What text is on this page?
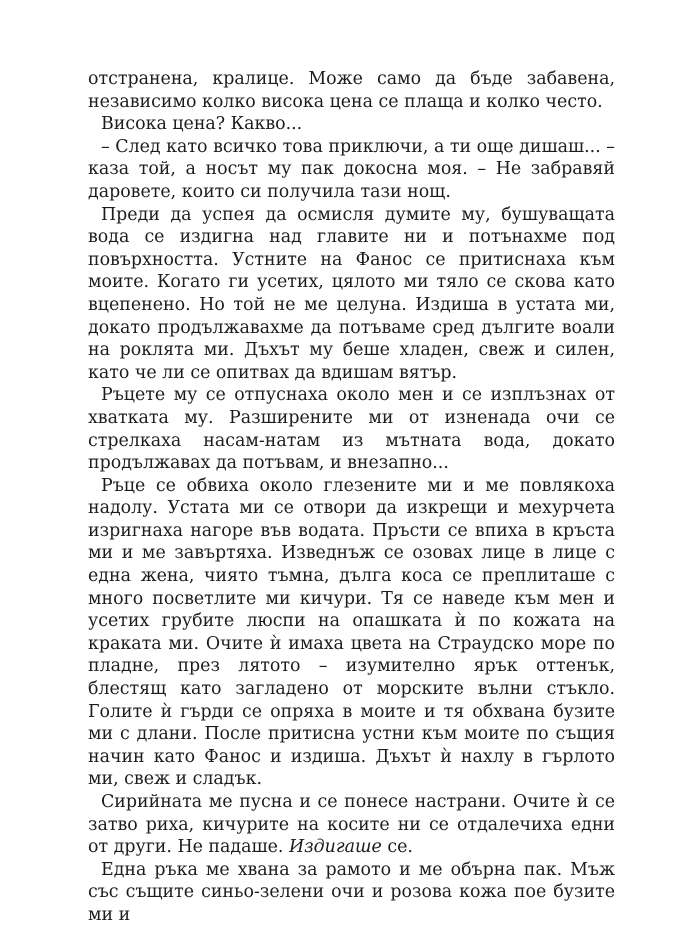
отстранена, кралице. Може само да бъде забавена, независимо колко висока цена се плаща и колко често.

Висока цена? Какво...

– След като всичко това приключи, а ти още дишаш... – каза той, а носът му пак докосна моя. – Не забравяй даровете, които си получила тази нощ.

Преди да успея да осмисля думите му, бушуващата вода се издигна над главите ни и потънахме под повърхността. Устните на Фанос се притиснаха към моите. Когато ги усетих, цялото ми тяло се скова като вцепенено. Но той не ме целуна. Издиша в устата ми, докато продължавахме да потъваме сред дългите воали на роклята ми. Дъхът му беше хладен, свеж и силен, като че ли се опитвах да вдишам вятър.

Ръцете му се отпуснаха около мен и се изплъзнах от хватката му. Разширените ми от изненада очи се стрелкаха насам-натам из мътната вода, докато продължавах да потъвам, и внезапно...

Ръце се обвиха около глезените ми и ме повлякоха надолу. Устата ми се отвори да изкрещи и мехурчета изригнаха нагоре във водата. Пръсти се впиха в кръста ми и ме завъртяха. Изведнъж се озовах лице в лице с една жена, чиято тъмна, дълга коса се преплиташе с много посветлите ми кичури. Тя се наведе към мен и усетих грубите люспи на опашката ѝ по кожата на краката ми. Очите ѝ имаха цвета на Страудско море по пладне, през лятото – изумително ярък оттенък, блестящ като загладено от морските вълни стъкло. Голите ѝ гърди се опряха в моите и тя обхвана бузите ми с длани. После притисна устни към моите по същия начин като Фанос и издиша. Дъхът ѝ нахлу в гърлото ми, свеж и сладък.

Сирийната ме пусна и се понесе настрани. Очите ѝ се затво риха, кичурите на косите ни се отдалечиха едни от други. Не падаше. Издигаше се.

Една ръка ме хвана за рамото и ме обърна пак. Мъж със същите синьо-зелени очи и розова кожа пое бузите ми и
